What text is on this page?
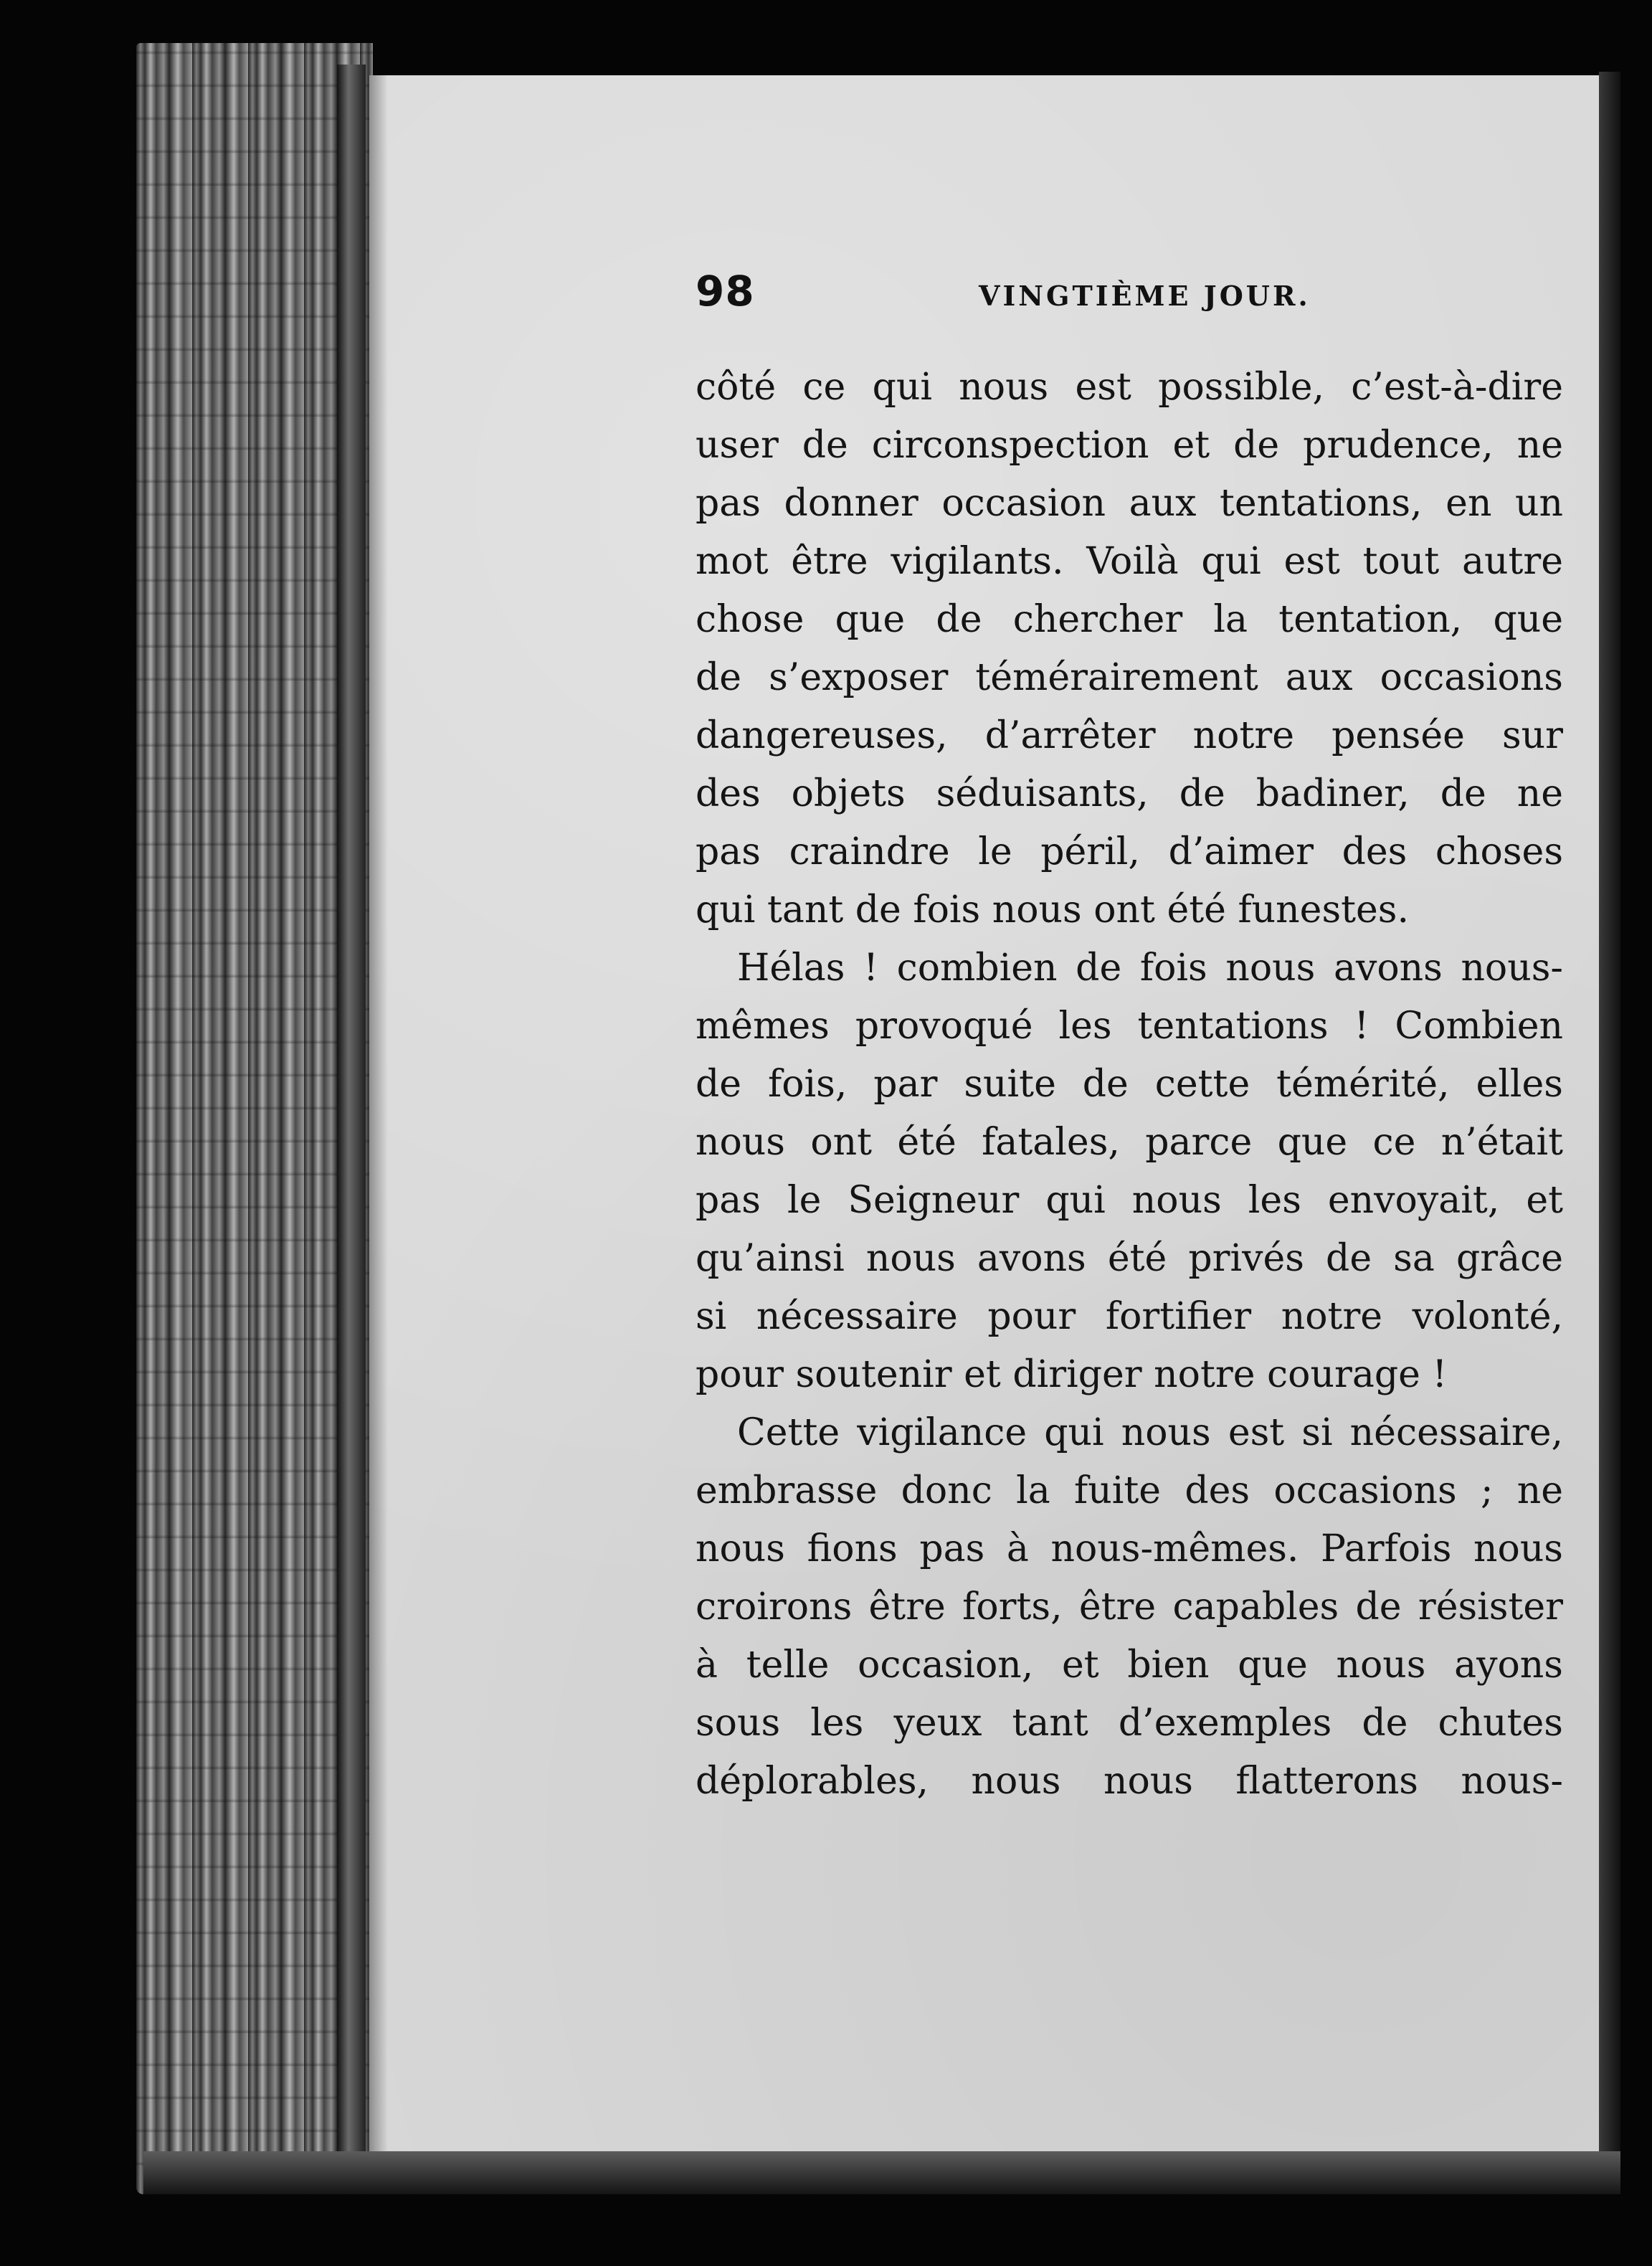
98	VINGTIÈME JOUR.
côté ce qui nous est possible, c’est-à-dire
user de circonspection et de prudence, ne
pas donner occasion aux tentations, en un
mot être vigilants. Voilà qui est tout autre
chose que de chercher la tentation, que
de s’exposer témérairement aux occasions
dangereuses, d’arrêter notre pensée sur
des objets séduisants, de badiner, de ne
pas craindre le péril, d’aimer des choses
qui tant de fois nous ont été funestes.
Hélas ! combien de fois nous avons nous-
mêmes provoqué les tentations ! Combien
de fois, par suite de cette témérité, elles
nous ont été fatales, parce que ce n’était
pas le Seigneur qui nous les envoyait, et
qu’ainsi nous avons été privés de sa grâce
si nécessaire pour fortifier notre volonté,
pour soutenir et diriger notre courage !
Cette vigilance qui nous est si nécessaire,
embrasse donc la fuite des occasions ; ne
nous fions pas à nous-mêmes. Parfois nous
croirons être forts, être capables de résister
à telle occasion, et bien que nous ayons
sous les yeux tant d’exemples de chutes
déplorables, nous nous flatterons nous-
